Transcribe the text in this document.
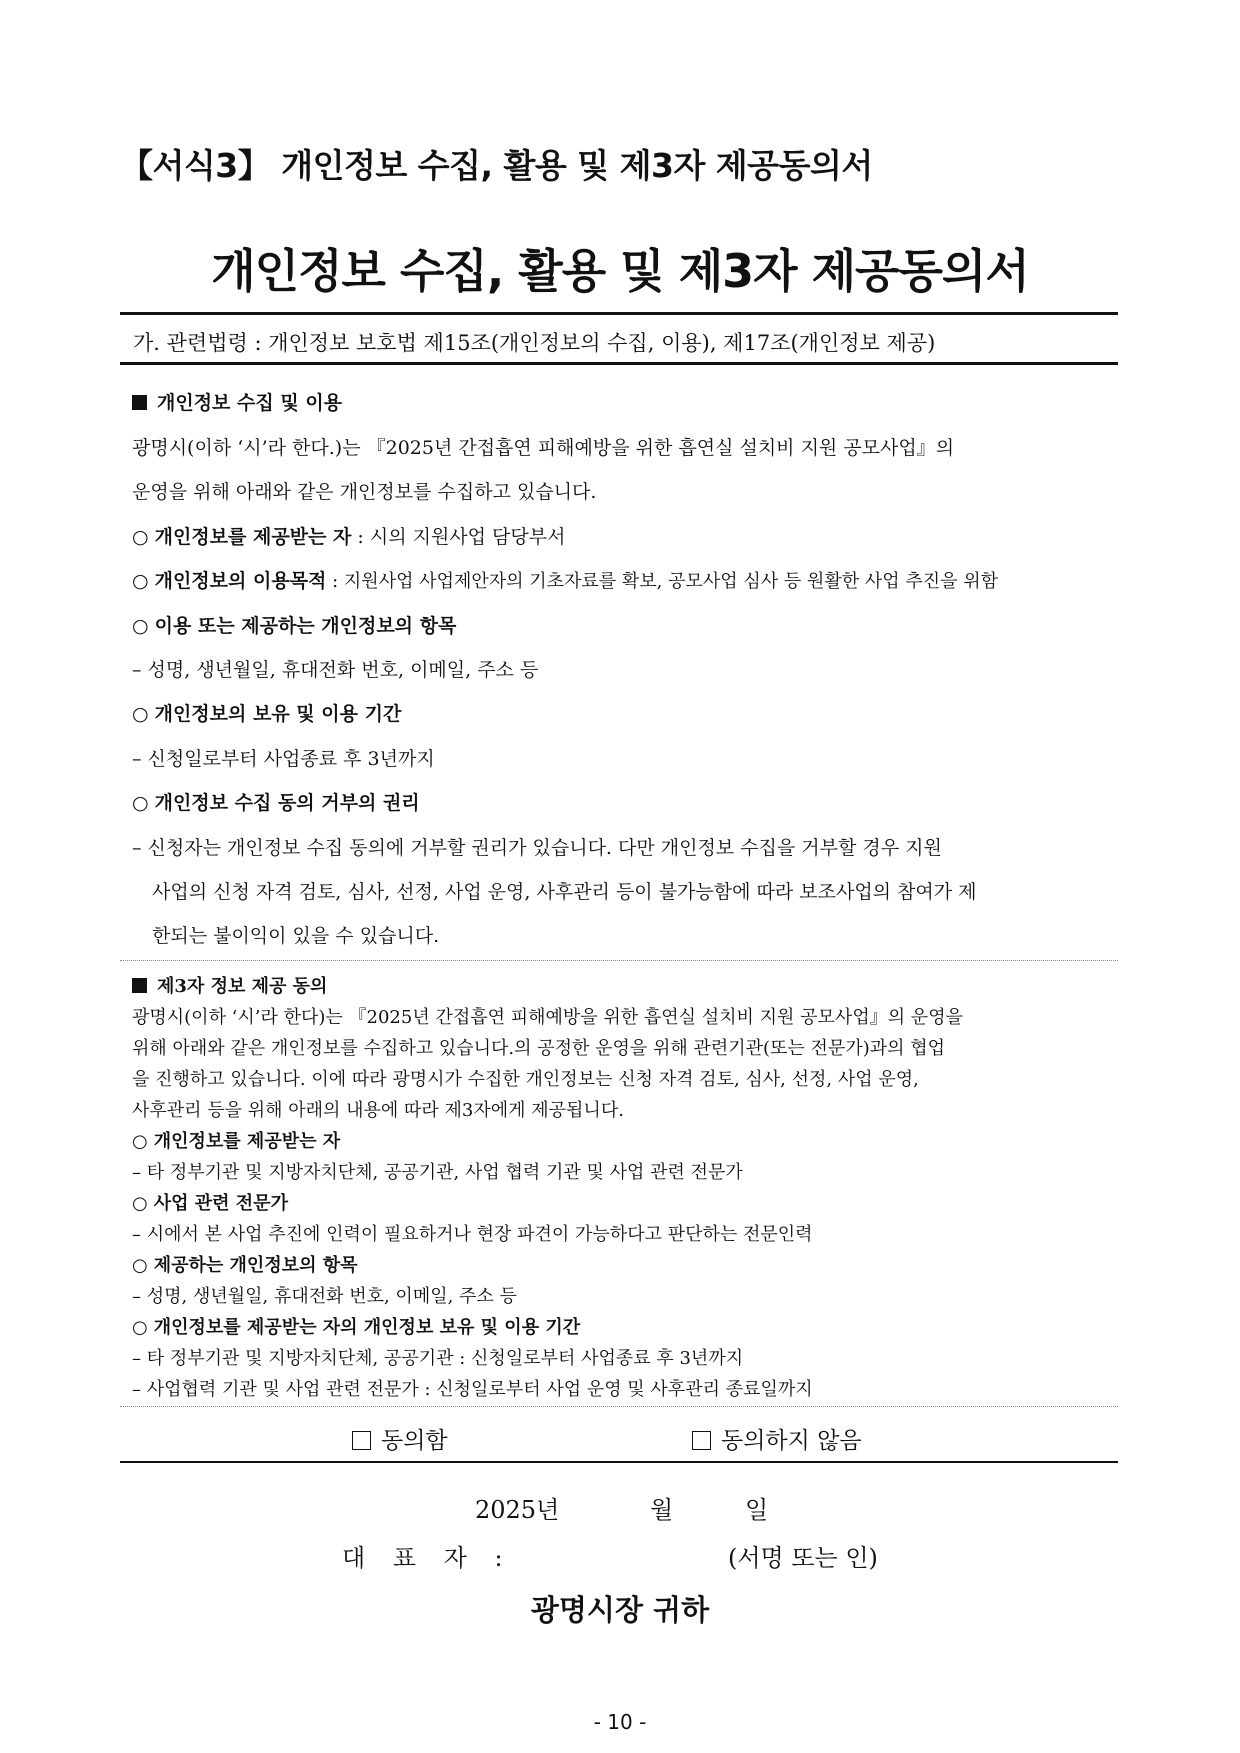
【서식3】 개인정보 수집, 활용 및 제3자 제공동의서
개인정보 수집, 활용 및 제3자 제공동의서
가. 관련법령 : 개인정보 보호법 제15조(개인정보의 수집, 이용), 제17조(개인정보 제공)
개인정보 수집 및 이용
광명시(이하 ‘시’라 한다.)는 『2025년 간접흡연 피해예방을 위한 흡연실 설치비 지원 공모사업』의
운영을 위해 아래와 같은 개인정보를 수집하고 있습니다.
○ 개인정보를 제공받는 자 : 시의 지원사업 담당부서
○ 개인정보의 이용목적 : 지원사업 사업제안자의 기초자료를 확보, 공모사업 심사 등 원활한 사업 추진을 위함
○ 이용 또는 제공하는 개인정보의 항목
– 성명, 생년월일, 휴대전화 번호, 이메일, 주소 등
○ 개인정보의 보유 및 이용 기간
– 신청일로부터 사업종료 후 3년까지
○ 개인정보 수집 동의 거부의 권리
– 신청자는 개인정보 수집 동의에 거부할 권리가 있습니다. 다만 개인정보 수집을 거부할 경우 지원
사업의 신청 자격 검토, 심사, 선정, 사업 운영, 사후관리 등이 불가능함에 따라 보조사업의 참여가 제
한되는 불이익이 있을 수 있습니다.
제3자 정보 제공 동의
광명시(이하 ‘시’라 한다)는 『2025년 간접흡연 피해예방을 위한 흡연실 설치비 지원 공모사업』의 운영을
위해 아래와 같은 개인정보를 수집하고 있습니다.의 공정한 운영을 위해 관련기관(또는 전문가)과의 협업
을 진행하고 있습니다. 이에 따라 광명시가 수집한 개인정보는 신청 자격 검토, 심사, 선정, 사업 운영,
사후관리 등을 위해 아래의 내용에 따라 제3자에게 제공됩니다.
○ 개인정보를 제공받는 자
– 타 정부기관 및 지방자치단체, 공공기관, 사업 협력 기관 및 사업 관련 전문가
○ 사업 관련 전문가
– 시에서 본 사업 추진에 인력이 필요하거나 현장 파견이 가능하다고 판단하는 전문인력
○ 제공하는 개인정보의 항목
– 성명, 생년월일, 휴대전화 번호, 이메일, 주소 등
○ 개인정보를 제공받는 자의 개인정보 보유 및 이용 기간
– 타 정부기관 및 지방자치단체, 공공기관 : 신청일로부터 사업종료 후 3년까지
– 사업협력 기관 및 사업 관련 전문가 : 신청일로부터 사업 운영 및 사후관리 종료일까지
동의함	동의하지 않음
2025년	월	일
대 표 자 :	(서명 또는 인)
광명시장 귀하
- 10 -
